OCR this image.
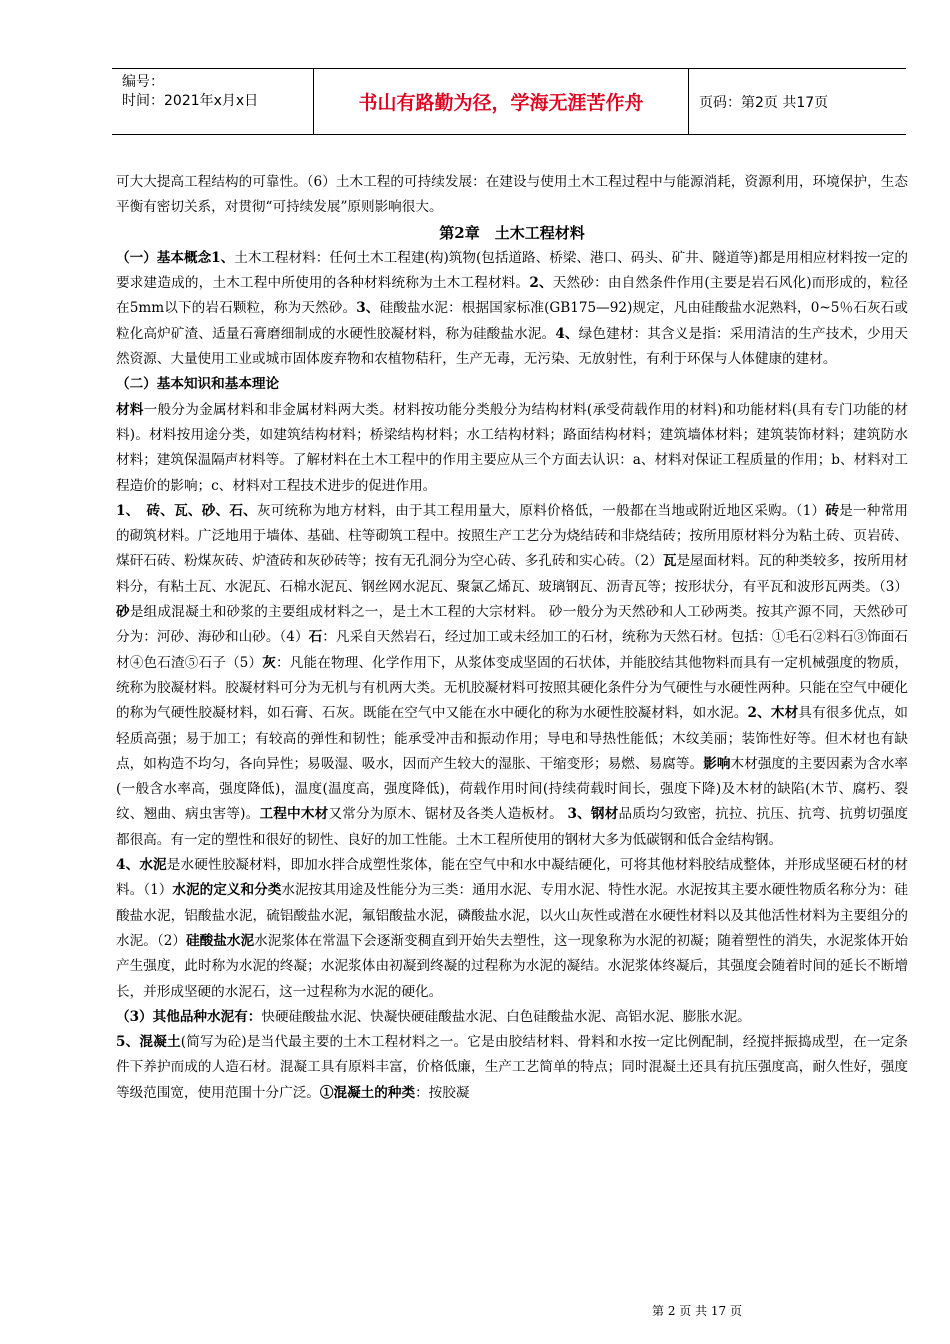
编号：
时间：2021年x月x日	书山有路勤为径，学海无涯苦作舟	页码：第2页 共17页

可大大提高工程结构的可靠性。（6）土木工程的可持续发展：在建设与使用土木工程过程中与能源消耗，资源利用，环境保护，生态平衡有密切关系，对贯彻“可持续发展”原则影响很大。

第2章　土木工程材料

（一）基本概念1、土木工程材料：任何土木工程建(构)筑物(包括道路、桥梁、港口、码头、矿井、隧道等)都是用相应材料按一定的要求建造成的，土木工程中所使用的各种材料统称为土木工程材料。2、天然砂：由自然条件作用(主要是岩石风化)而形成的，粒径在5mm以下的岩石颗粒，称为天然砂。3、硅酸盐水泥：根据国家标准(GB175—92)规定，凡由硅酸盐水泥熟料，0~5％石灰石或粒化高炉矿渣、适量石膏磨细制成的水硬性胶凝材料，称为硅酸盐水泥。4、绿色建材：其含义是指：采用清洁的生产技术，少用天然资源、大量使用工业或城市固体废弃物和农植物秸秆，生产无毒，无污染、无放射性，有利于环保与人体健康的建材。

（二）基本知识和基本理论

材料一般分为金属材料和非金属材料两大类。材料按功能分类般分为结构材料(承受荷载作用的材料)和功能材料(具有专门功能的材料)。材料按用途分类，如建筑结构材料；桥梁结构材料；水工结构材料；路面结构材料；建筑墙体材料；建筑装饰材料；建筑防水材料；建筑保温隔声材料等。了解材料在土木工程中的作用主要应从三个方面去认识：a、材料对保证工程质量的作用；b、材料对工程造价的影响；c、材料对工程技术进步的促进作用。

1、　砖、瓦、砂、石、灰可统称为地方材料，由于其工程用量大，原料价格低，一般都在当地或附近地区采购。（1）砖是一种常用的砌筑材料。广泛地用于墙体、基础、柱等砌筑工程中。按照生产工艺分为烧结砖和非烧结砖；按所用原材料分为粘土砖、页岩砖、煤矸石砖、粉煤灰砖、炉渣砖和灰砂砖等；按有无孔洞分为空心砖、多孔砖和实心砖。（2）瓦是屋面材料。瓦的种类较多，按所用材料分，有粘土瓦、水泥瓦、石棉水泥瓦、钢丝网水泥瓦、聚氯乙烯瓦、玻璃钢瓦、沥青瓦等；按形状分，有平瓦和波形瓦两类。（3）砂是组成混凝土和砂浆的主要组成材料之一，是土木工程的大宗材料。 砂一般分为天然砂和人工砂两类。按其产源不同，天然砂可分为：河砂、海砂和山砂。（4）石：凡采自天然岩石，经过加工或未经加工的石材，统称为天然石材。包括：①毛石②料石③饰面石材④色石渣⑤石子（5）灰：凡能在物理、化学作用下，从浆体变成坚固的石状体，并能胶结其他物料而具有一定机械强度的物质，统称为胶凝材料。胶凝材料可分为无机与有机两大类。无机胶凝材料可按照其硬化条件分为气硬性与水硬性两种。只能在空气中硬化的称为气硬性胶凝材料，如石膏、石灰。既能在空气中又能在水中硬化的称为水硬性胶凝材料，如水泥。2、木材具有很多优点，如轻质高强；易于加工；有较高的弹性和韧性；能承受冲击和振动作用；导电和导热性能低；木纹美丽；装饰性好等。但木材也有缺点，如构造不均匀，各向异性；易吸湿、吸水，因而产生较大的湿胀、干缩变形；易燃、易腐等。影响木材强度的主要因素为含水率(一般含水率高，强度降低)，温度(温度高，强度降低)，荷载作用时间(持续荷载时间长，强度下降)及木材的缺陷(木节、腐朽、裂纹、翘曲、病虫害等)。工程中木材又常分为原木、锯材及各类人造板材。 3、钢材品质均匀致密，抗拉、抗压、抗弯、抗剪切强度都很高。有一定的塑性和很好的韧性、良好的加工性能。土木工程所使用的钢材大多为低碳钢和低合金结构钢。

4、水泥是水硬性胶凝材料，即加水拌合成塑性浆体，能在空气中和水中凝结硬化，可将其他材料胶结成整体，并形成坚硬石材的材料。（1）水泥的定义和分类水泥按其用途及性能分为三类：通用水泥、专用水泥、特性水泥。水泥按其主要水硬性物质名称分为：硅酸盐水泥，铝酸盐水泥，硫铝酸盐水泥，氟铝酸盐水泥，磷酸盐水泥，以火山灰性或潜在水硬性材料以及其他活性材料为主要组分的水泥。（2）硅酸盐水泥水泥浆体在常温下会逐渐变稠直到开始失去塑性，这一现象称为水泥的初凝；随着塑性的消失，水泥浆体开始产生强度，此时称为水泥的终凝；水泥浆体由初凝到终凝的过程称为水泥的凝结。水泥浆体终凝后，其强度会随着时间的延长不断增长，并形成坚硬的水泥石，这一过程称为水泥的硬化。

（3）其他品种水泥有：快硬硅酸盐水泥、快凝快硬硅酸盐水泥、白色硅酸盐水泥、高铝水泥、膨胀水泥。

5、混凝土(简写为砼)是当代最主要的土木工程材料之一。它是由胶结材料、骨料和水按一定比例配制，经搅拌振捣成型，在一定条件下养护而成的人造石材。混凝工具有原料丰富，价格低廉，生产工艺简单的特点；同时混凝土还具有抗压强度高，耐久性好，强度等级范围宽，使用范围十分广泛。①混凝土的种类：按胶凝

第 2 页 共 17 页
